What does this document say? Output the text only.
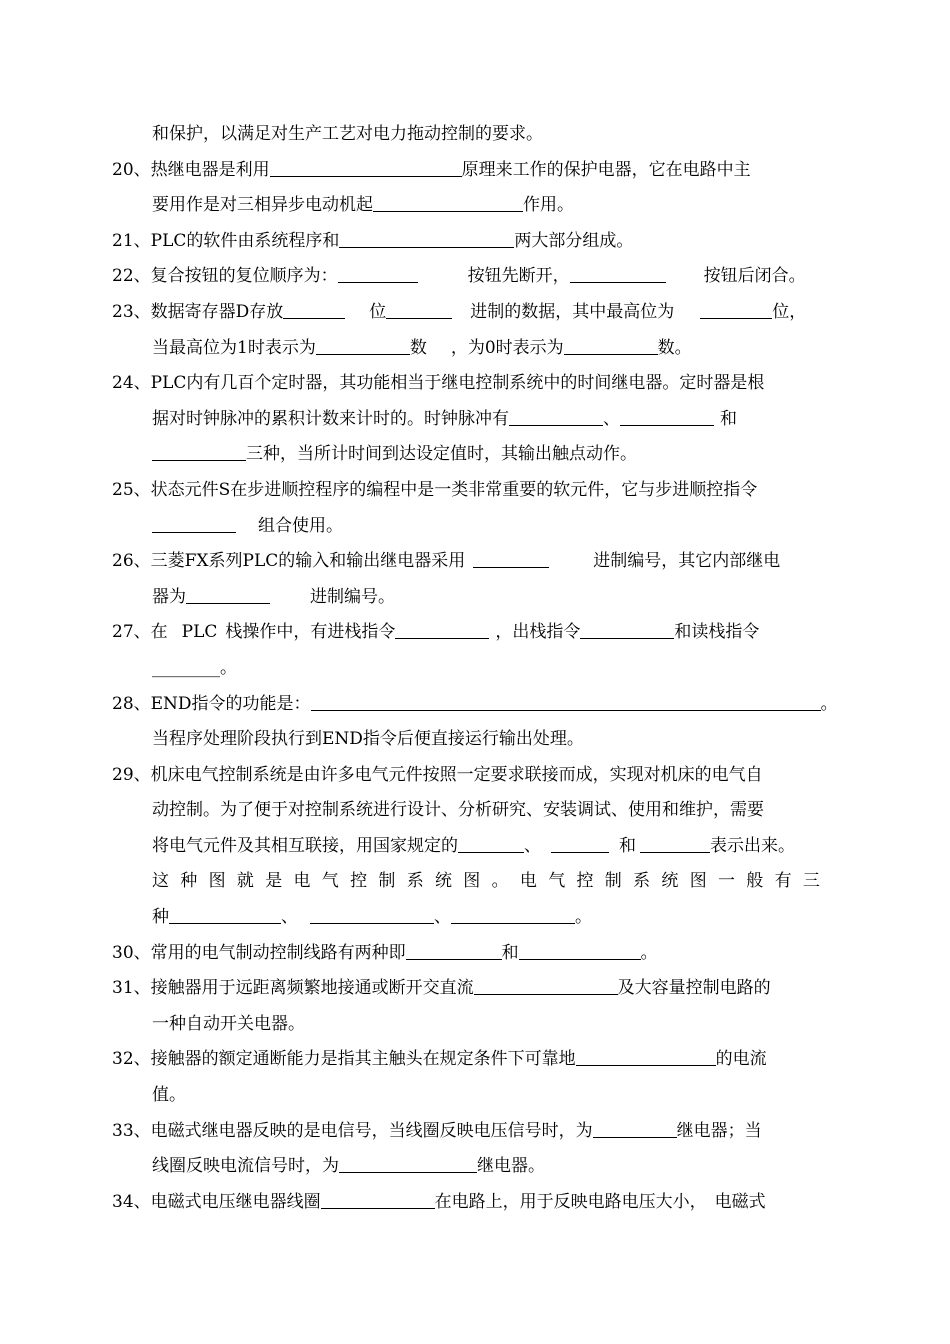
和保护，以满足对生产工艺对电力拖动控制的要求。
20、热继电器是利用	原理来工作的保护电器，它在电路中主
要用作是对三相异步电动机起	作用。
21、PLC的软件由系统程序和	两大部分组成。
22、复合按钮的复位顺序为：	按钮先断开，	按钮后闭合。
23、数据寄存器D存放	位	进制的数据，其中最高位为	位，
当最高位为1时表示为	数 ，为0时表示为	数。
24、PLC内有几百个定时器，其功能相当于继电控制系统中的时间继电器。定时器是根
据对时钟脉冲的累积计数来计时的。时钟脉冲有	、	和
三种，当所计时间到达设定值时，其输出触点动作。
25、状态元件S在步进顺控程序的编程中是一类非常重要的软元件，它与步进顺控指令
组合使用。
26、三菱FX系列PLC的输入和输出继电器采用	进制编号，其它内部继电
器为	进制编号。
27、在 PLC 栈操作中，有进栈指令	，出栈指令	和读栈指令
________。
28、END指令的功能是：	。
当程序处理阶段执行到END指令后便直接运行输出处理。
29、机床电气控制系统是由许多电气元件按照一定要求联接而成，实现对机床的电气自
动控制。为了便于对控制系统进行设计、分析研究、安装调试、使用和维护，需要
将电气元件及其相互联接，用国家规定的	、	和	表示出来。
这种图就是电气控制系统图。电气控制系统图一般有三
种	、	、	。
30、常用的电气制动控制线路有两种即	和	。
31、接触器用于远距离频繁地接通或断开交直流	及大容量控制电路的
一种自动开关电器。
32、接触器的额定通断能力是指其主触头在规定条件下可靠地	的电流
值。
33、电磁式继电器反映的是电信号，当线圈反映电压信号时，为	继电器；当
线圈反映电流信号时，为	继电器。
34、电磁式电压继电器线圈	在电路上，用于反映电路电压大小， 电磁式
